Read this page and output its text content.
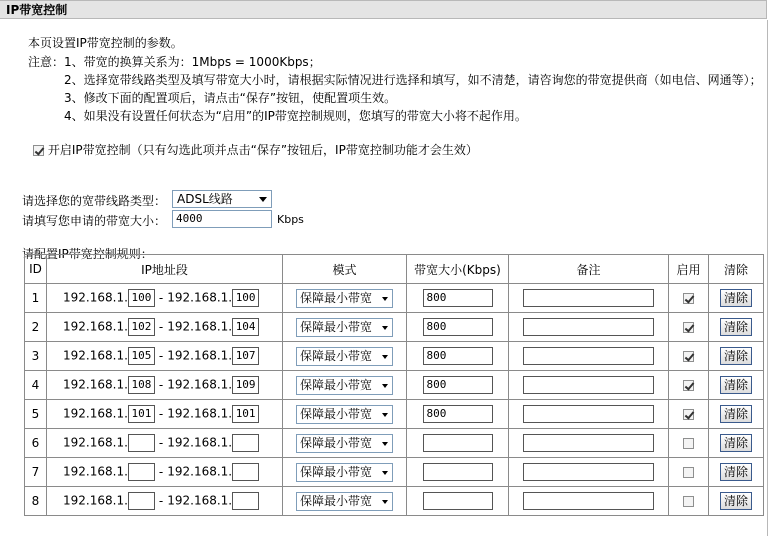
IP带宽控制
本页设置IP带宽控制的参数。
注意： 1、带宽的换算关系为：1Mbps = 1000Kbps；
2、选择宽带线路类型及填写带宽大小时，请根据实际情况进行选择和填写，如不清楚，请咨询您的带宽提供商（如电信、网通等）；
3、修改下面的配置项后，请点击“保存”按钮，使配置项生效。
4、如果没有设置任何状态为“启用”的IP带宽控制规则，您填写的带宽大小将不起作用。
开启IP带宽控制（只有勾选此项并点击“保存”按钮后，IP带宽控制功能才会生效）
请选择您的宽带线路类型： ADSL线路
请填写您申请的带宽大小： 4000	Kbps
请配置IP带宽控制规则：
ID	IP地址段	模式	带宽大小(Kbps)	备注	启用	清除
1	192.168.1. 100 - 192.168.1. 100	保障最小带宽	800			清除
2	192.168.1. 102 - 192.168.1. 104	保障最小带宽	800			清除
3	192.168.1. 105 - 192.168.1. 107	保障最小带宽	800			清除
4	192.168.1. 108 - 192.168.1. 109	保障最小带宽	800			清除
5	192.168.1. 101 - 192.168.1. 101	保障最小带宽	800			清除
6	192.168.1. - 192.168.1.	保障最小带宽				清除
7	192.168.1. - 192.168.1.	保障最小带宽				清除
8	192.168.1. - 192.168.1.	保障最小带宽				清除
